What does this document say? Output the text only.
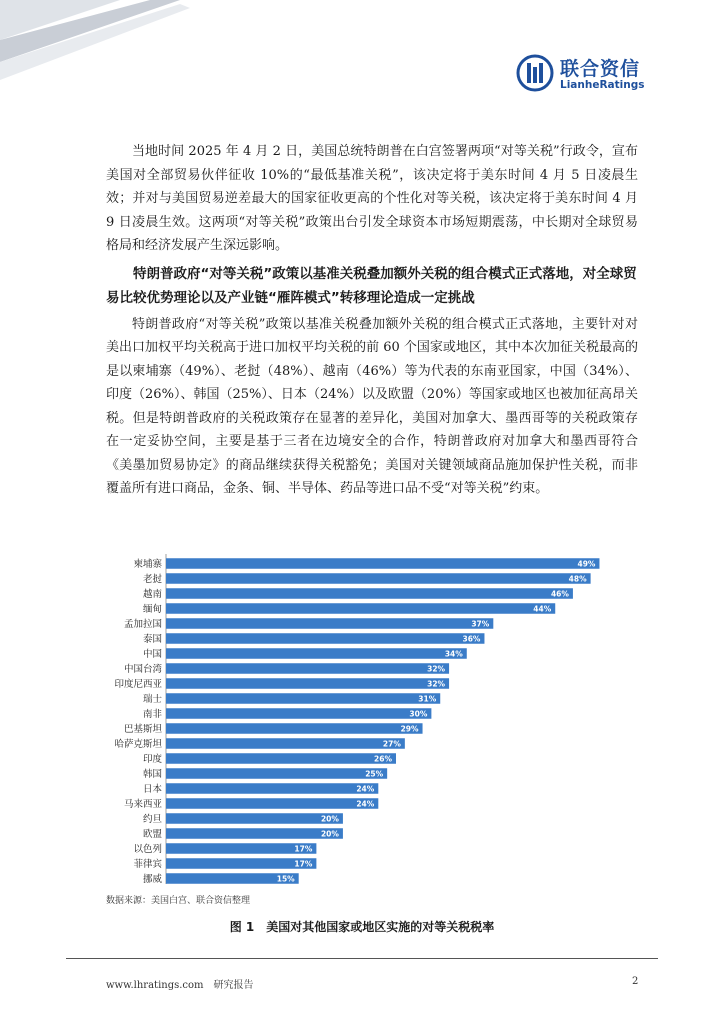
联合资信
LianheRatings

当地时间 2025 年 4 月 2 日，美国总统特朗普在白宫签署两项“对等关税”行政令，宣布美国对全部贸易伙伴征收 10%的“最低基准关税”，该决定将于美东时间 4 月 5 日凌晨生效；并对与美国贸易逆差最大的国家征收更高的个性化对等关税，该决定将于美东时间 4 月 9 日凌晨生效。这两项“对等关税”政策出台引发全球资本市场短期震荡，中长期对全球贸易格局和经济发展产生深远影响。

特朗普政府“对等关税”政策以基准关税叠加额外关税的组合模式正式落地，对全球贸易比较优势理论以及产业链“雁阵模式”转移理论造成一定挑战

特朗普政府“对等关税”政策以基准关税叠加额外关税的组合模式正式落地，主要针对对美出口加权平均关税高于进口加权平均关税的前 60 个国家或地区，其中本次加征关税最高的是以柬埔寨（49%）、老挝（48%）、越南（46%）等为代表的东南亚国家，中国（34%）、印度（26%）、韩国（25%）、日本（24%）以及欧盟（20%）等国家或地区也被加征高昂关税。但是特朗普政府的关税政策存在显著的差异化，美国对加拿大、墨西哥等的关税政策存在一定妥协空间，主要是基于三者在边境安全的合作，特朗普政府对加拿大和墨西哥符合《美墨加贸易协定》的商品继续获得关税豁免；美国对关键领域商品施加保护性关税，而非覆盖所有进口商品，金条、铜、半导体、药品等进口品不受“对等关税”约束。

柬埔寨	49%
老挝	48%
越南	46%
缅甸	44%
孟加拉国	37%
泰国	36%
中国	34%
中国台湾	32%
印度尼西亚	32%
瑞士	31%
南非	30%
巴基斯坦	29%
哈萨克斯坦	27%
印度	26%
韩国	25%
日本	24%
马来西亚	24%
约旦	20%
欧盟	20%
以色列	17%
菲律宾	17%
挪威	15%
数据来源：美国白宫、联合资信整理
图 1　美国对其他国家或地区实施的对等关税税率
www.lhratings.com　研究报告	2
